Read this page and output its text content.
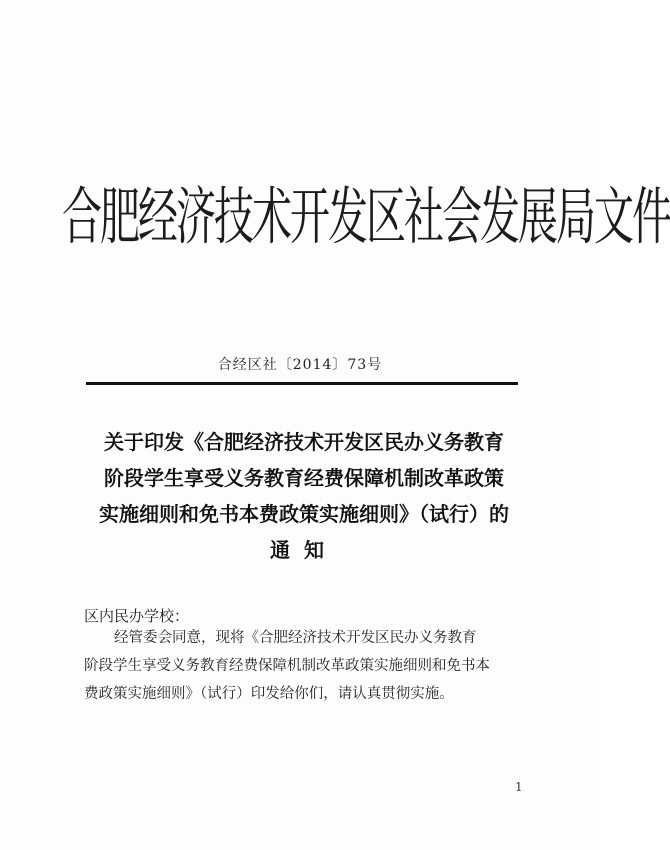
合肥经济技术开发区社会发展局文件
合经区社〔2014〕73号
关于印发《合肥经济技术开发区民办义务教育
阶段学生享受义务教育经费保障机制改革政策
实施细则和免书本费政策实施细则》（试行）的
通知
区内民办学校：
经管委会同意，现将《合肥经济技术开发区民办义务教育
阶段学生享受义务教育经费保障机制改革政策实施细则和免书本
费政策实施细则》（试行）印发给你们，请认真贯彻实施。
1
